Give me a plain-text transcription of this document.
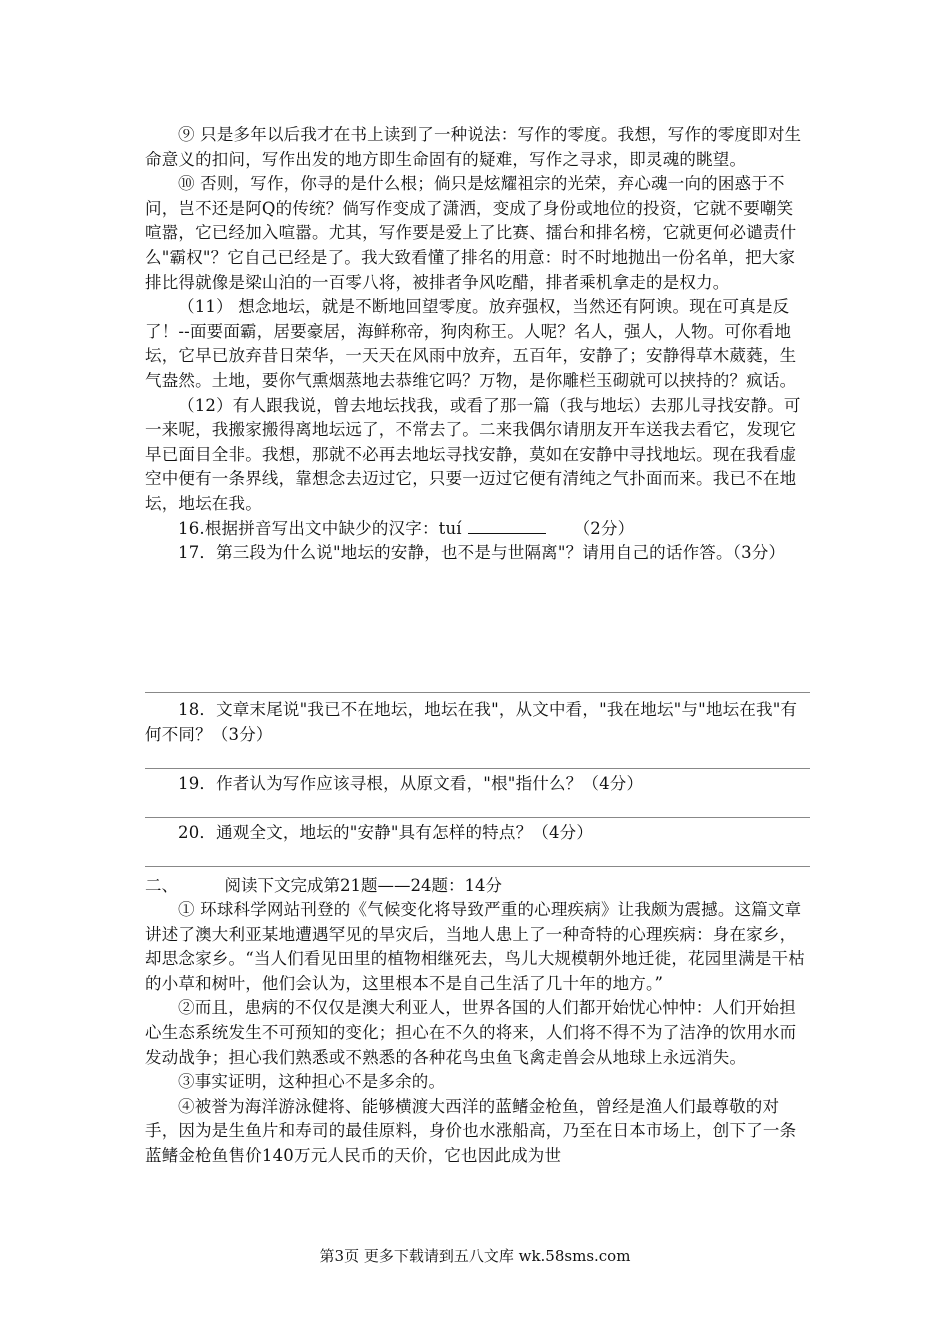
⑨ 只是多年以后我才在书上读到了一种说法：写作的零度。我想，写作的零度即对生命意义的扣问，写作出发的地方即生命固有的疑难，写作之寻求，即灵魂的眺望。

⑩ 否则，写作，你寻的是什么根；倘只是炫耀祖宗的光荣，弃心魂一向的困惑于不问，岂不还是阿Q的传统？倘写作变成了潇洒，变成了身份或地位的投资，它就不要嘲笑喧嚣，它已经加入喧嚣。尤其，写作要是爱上了比赛、擂台和排名榜，它就更何必谴责什么"霸权"？它自己已经是了。我大致看懂了排名的用意：时不时地抛出一份名单，把大家排比得就像是梁山泊的一百零八将，被排者争风吃醋，排者乘机拿走的是权力。

（11） 想念地坛，就是不断地回望零度。放弃强权，当然还有阿谀。现在可真是反了！--面要面霸，居要豪居，海鲜称帝，狗肉称王。人呢？名人，强人，人物。可你看地坛，它早已放弃昔日荣华，一天天在风雨中放弃，五百年，安静了；安静得草木葳蕤，生气盎然。土地，要你气熏烟蒸地去恭维它吗？万物，是你雕栏玉砌就可以挟持的？疯话。

（12）有人跟我说，曾去地坛找我，或看了那一篇（我与地坛）去那儿寻找安静。可一来呢，我搬家搬得离地坛远了，不常去了。二来我偶尔请朋友开车送我去看它，发现它早已面目全非。我想，那就不必再去地坛寻找安静，莫如在安静中寻找地坛。现在我看虚空中便有一条界线，靠想念去迈过它，只要一迈过它便有清纯之气扑面而来。我已不在地坛，地坛在我。

16.根据拼音写出文中缺少的汉字：tuí	（2分）

17．第三段为什么说"地坛的安静，也不是与世隔离"？请用自己的话作答。（3分）

18．文章末尾说"我已不在地坛，地坛在我"，从文中看，"我在地坛"与"地坛在我"有何不同？（3分）

19．作者认为写作应该寻根，从原文看，"根"指什么？（4分）

20．通观全文，地坛的"安静"具有怎样的特点？（4分）

二、	阅读下文完成第21题——24题：14分

① 环球科学网站刊登的《气候变化将导致严重的心理疾病》让我颇为震撼。这篇文章讲述了澳大利亚某地遭遇罕见的旱灾后，当地人患上了一种奇特的心理疾病：身在家乡，却思念家乡。“当人们看见田里的植物相继死去，鸟儿大规模朝外地迁徙，花园里满是干枯的小草和树叶，他们会认为，这里根本不是自己生活了几十年的地方。”

②而且，患病的不仅仅是澳大利亚人，世界各国的人们都开始忧心忡忡：人们开始担心生态系统发生不可预知的变化；担心在不久的将来，人们将不得不为了洁净的饮用水而发动战争；担心我们熟悉或不熟悉的各种花鸟虫鱼飞禽走兽会从地球上永远消失。

③事实证明，这种担心不是多余的。

④被誉为海洋游泳健将、能够横渡大西洋的蓝鳍金枪鱼，曾经是渔人们最尊敬的对手，因为是生鱼片和寿司的最佳原料，身价也水涨船高，乃至在日本市场上，创下了一条蓝鳍金枪鱼售价140万元人民币的天价，它也因此成为世

第3页 更多下载请到五八文库 wk.58sms.com
